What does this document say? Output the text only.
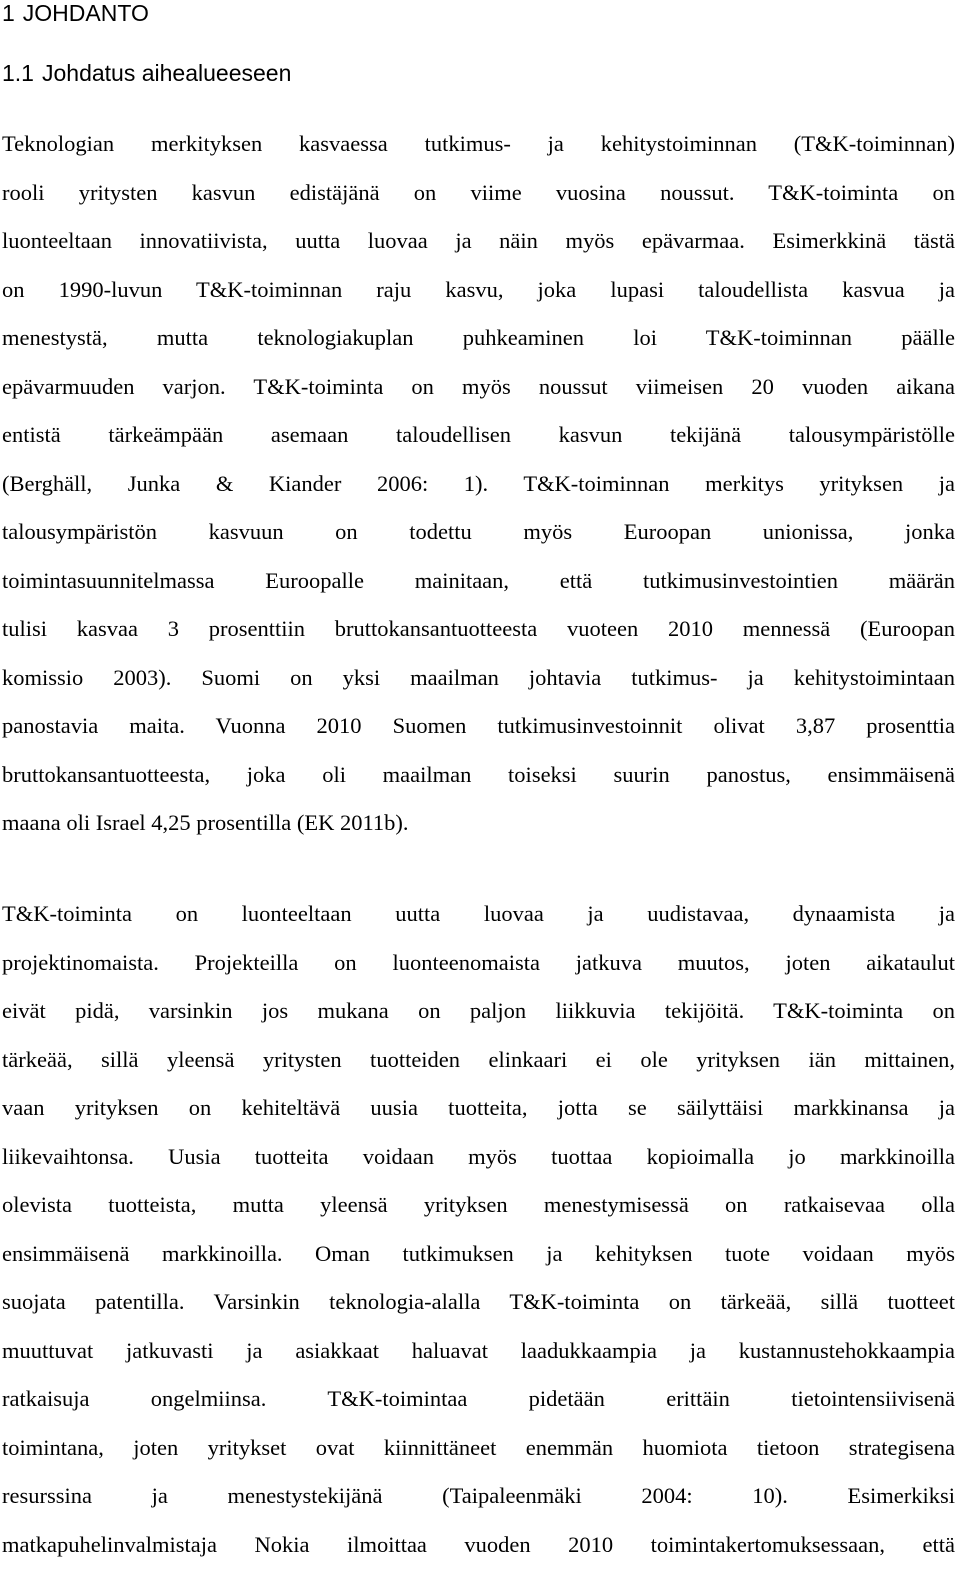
1 JOHDANTO
1.1 Johdatus aihealueeseen
Teknologian merkityksen kasvaessa tutkimus- ja kehitystoiminnan (T&K-toiminnan)
rooli yritysten kasvun edistäjänä on viime vuosina noussut. T&K-toiminta on
luonteeltaan innovatiivista, uutta luovaa ja näin myös epävarmaa. Esimerkkinä tästä
on 1990-luvun T&K-toiminnan raju kasvu, joka lupasi taloudellista kasvua ja
menestystä, mutta teknologiakuplan puhkeaminen loi T&K-toiminnan päälle
epävarmuuden varjon. T&K-toiminta on myös noussut viimeisen 20 vuoden aikana
entistä tärkeämpään asemaan taloudellisen kasvun tekijänä talousympäristölle
(Berghäll, Junka & Kiander 2006: 1). T&K-toiminnan merkitys yrityksen ja
talousympäristön kasvuun on todettu myös Euroopan unionissa, jonka
toimintasuunnitelmassa Euroopalle mainitaan, että tutkimusinvestointien määrän
tulisi kasvaa 3 prosenttiin bruttokansantuotteesta vuoteen 2010 mennessä (Euroopan
komissio 2003). Suomi on yksi maailman johtavia tutkimus- ja kehitystoimintaan
panostavia maita. Vuonna 2010 Suomen tutkimusinvestoinnit olivat 3,87 prosenttia
bruttokansantuotteesta, joka oli maailman toiseksi suurin panostus, ensimmäisenä
maana oli Israel 4,25 prosentilla (EK 2011b).
T&K-toiminta on luonteeltaan uutta luovaa ja uudistavaa, dynaamista ja
projektinomaista. Projekteilla on luonteenomaista jatkuva muutos, joten aikataulut
eivät pidä, varsinkin jos mukana on paljon liikkuvia tekijöitä. T&K-toiminta on
tärkeää, sillä yleensä yritysten tuotteiden elinkaari ei ole yrityksen iän mittainen,
vaan yrityksen on kehiteltävä uusia tuotteita, jotta se säilyttäisi markkinansa ja
liikevaihtonsa. Uusia tuotteita voidaan myös tuottaa kopioimalla jo markkinoilla
olevista tuotteista, mutta yleensä yrityksen menestymisessä on ratkaisevaa olla
ensimmäisenä markkinoilla. Oman tutkimuksen ja kehityksen tuote voidaan myös
suojata patentilla. Varsinkin teknologia-alalla T&K-toiminta on tärkeää, sillä tuotteet
muuttuvat jatkuvasti ja asiakkaat haluavat laadukkaampia ja kustannustehokkaampia
ratkaisuja ongelmiinsa. T&K-toimintaa pidetään erittäin tietointensiivisenä
toimintana, joten yritykset ovat kiinnittäneet enemmän huomiota tietoon strategisena
resurssina ja menestystekijänä (Taipaleenmäki 2004: 10). Esimerkiksi
matkapuhelinvalmistaja Nokia ilmoittaa vuoden 2010 toimintakertomuksessaan, että
